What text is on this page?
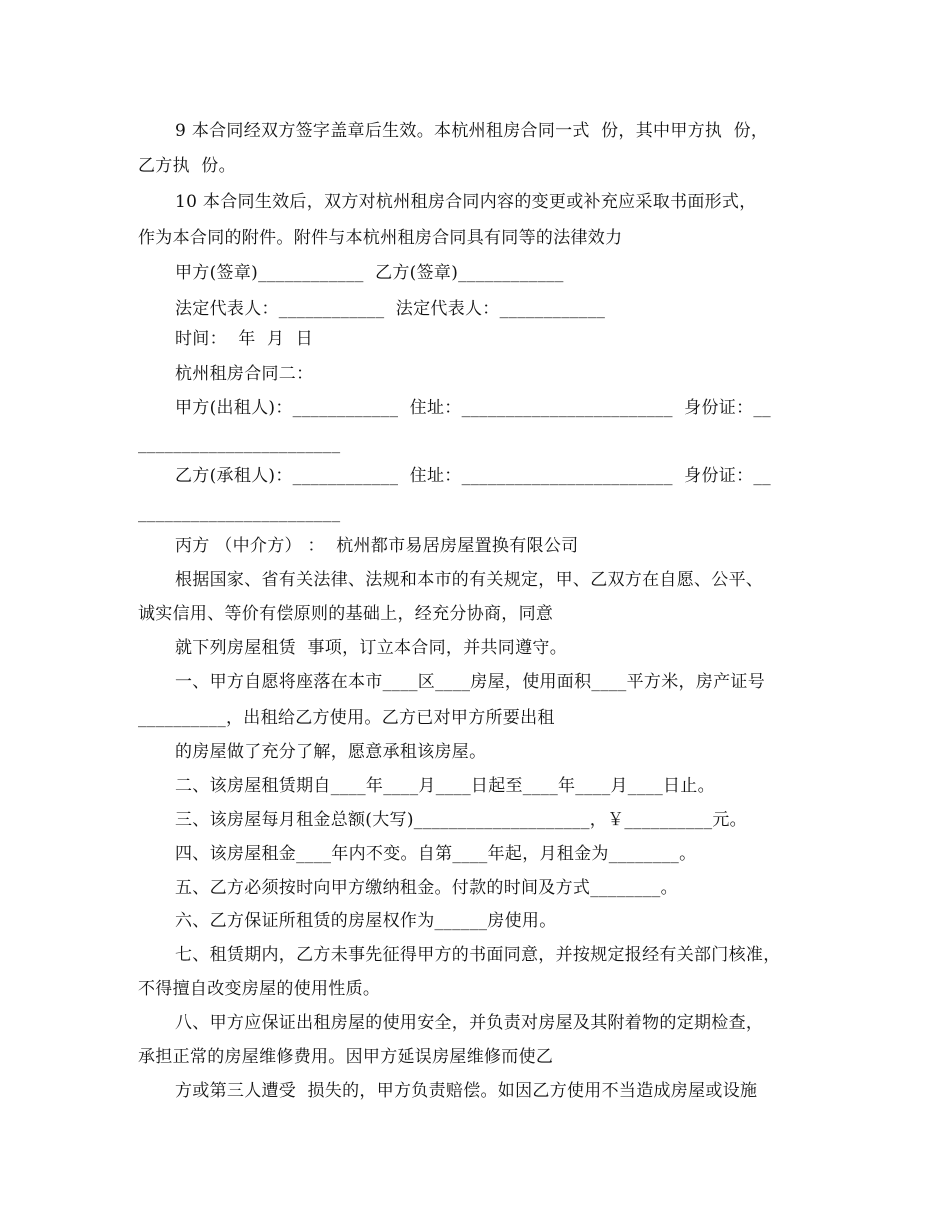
9 本合同经双方签字盖章后生效。本杭州租房合同一式  份，其中甲方执  份，
乙方执  份。
10 本合同生效后，双方对杭州租房合同内容的变更或补充应采取书面形式，
作为本合同的附件。附件与本杭州租房合同具有同等的法律效力
甲方(签章)____________  乙方(签章)____________
法定代表人：____________  法定代表人：____________
时间：  年  月  日
杭州租房合同二：
甲方(出租人)：____________  住址：________________________  身份证：__
_______________________
乙方(承租人)：____________  住址：________________________  身份证：__
_______________________
丙方 （中介方） ：  杭州都市易居房屋置换有限公司
根据国家、省有关法律、法规和本市的有关规定，甲、乙双方在自愿、公平、
诚实信用、等价有偿原则的基础上，经充分协商，同意
就下列房屋租赁  事项，订立本合同，并共同遵守。
一、甲方自愿将座落在本市____区____房屋，使用面积____平方米，房产证号
__________，出租给乙方使用。乙方已对甲方所要出租
的房屋做了充分了解，愿意承租该房屋。
二、该房屋租赁期自____年____月____日起至____年____月____日止。
三、该房屋每月租金总额(大写)____________________，￥__________元。
四、该房屋租金____年内不变。自第____年起，月租金为________。
五、乙方必须按时向甲方缴纳租金。付款的时间及方式________。
六、乙方保证所租赁的房屋权作为______房使用。
七、租赁期内，乙方未事先征得甲方的书面同意，并按规定报经有关部门核准，
不得擅自改变房屋的使用性质。
八、甲方应保证出租房屋的使用安全，并负责对房屋及其附着物的定期检查，
承担正常的房屋维修费用。因甲方延误房屋维修而使乙
方或第三人遭受  损失的，甲方负责赔偿。如因乙方使用不当造成房屋或设施
